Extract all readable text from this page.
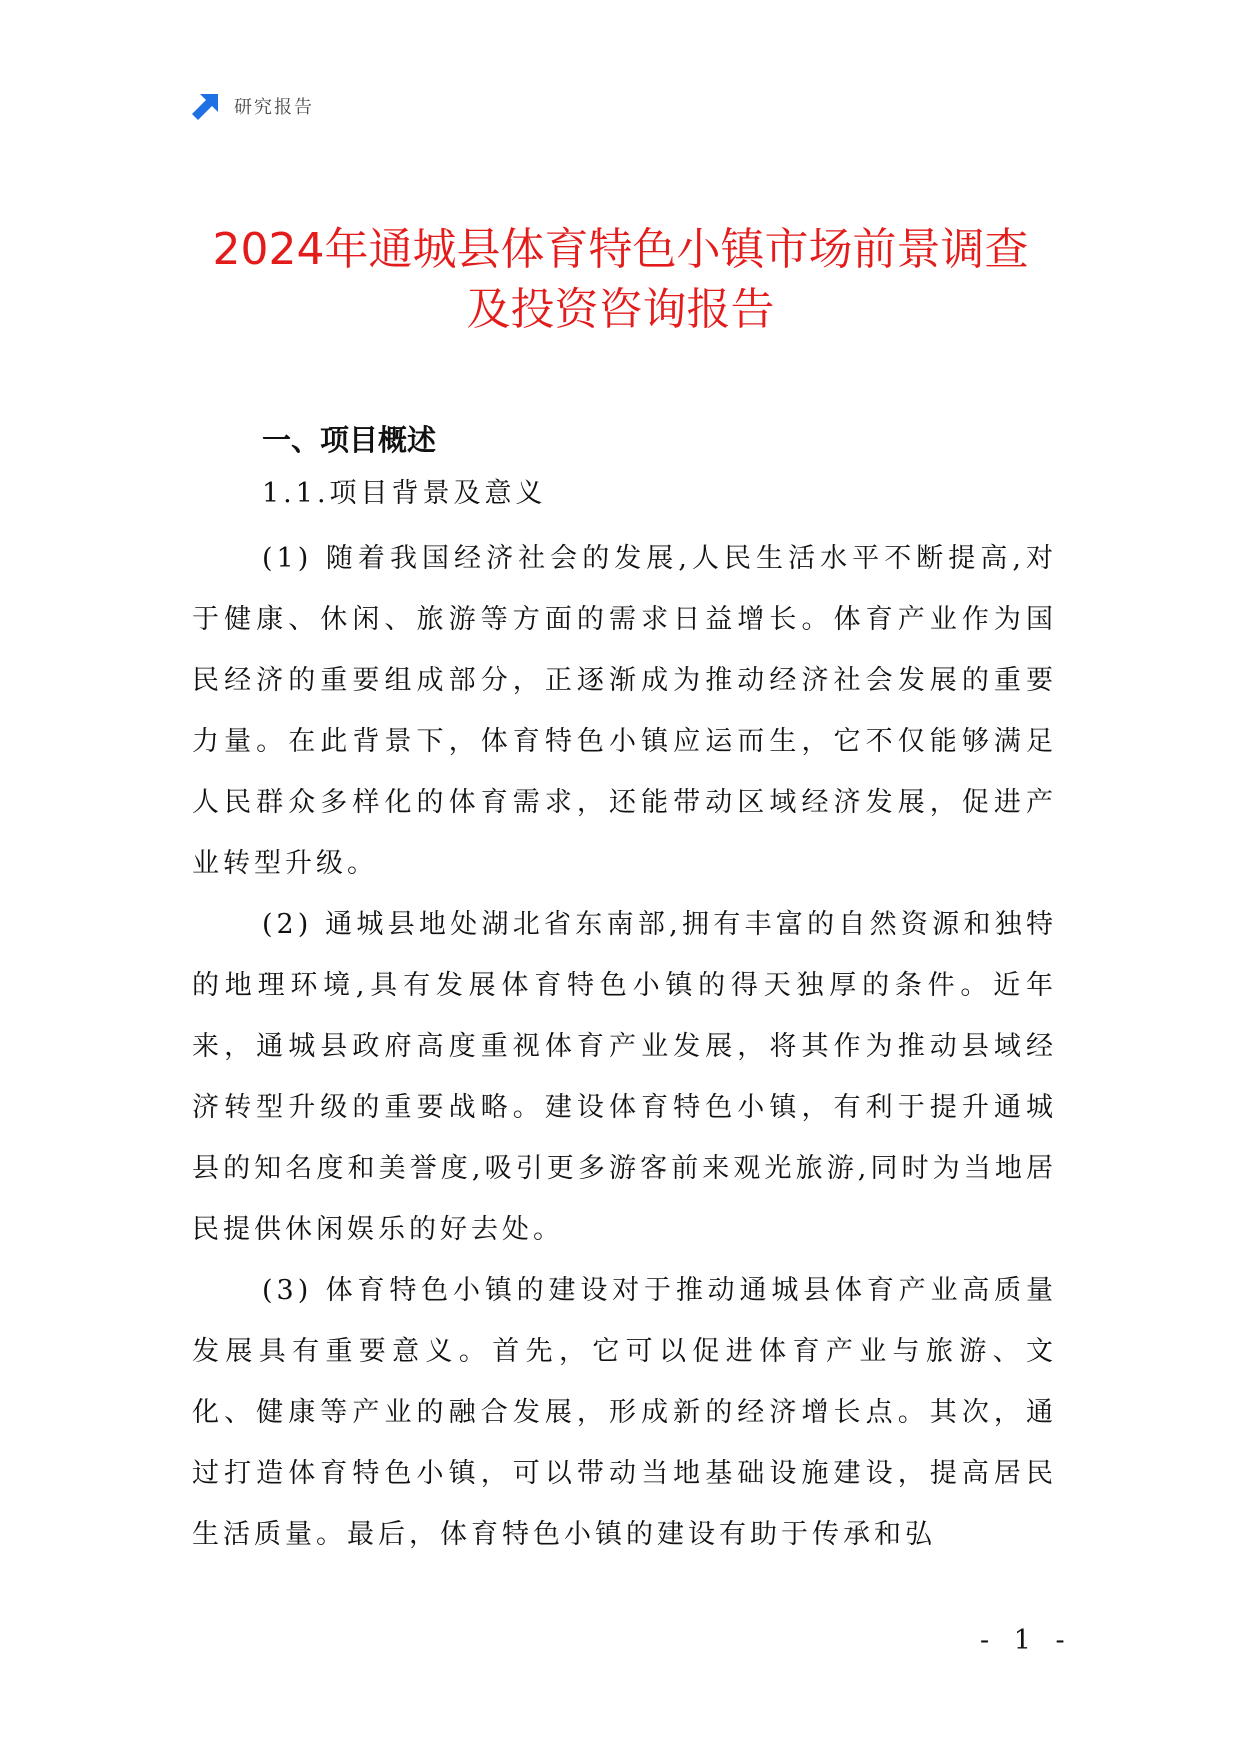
研究报告
2024年通城县体育特色小镇市场前景调查
及投资咨询报告
一、项目概述
1.1.项目背景及意义

(1) 随着我国经济社会的发展,人民生活水平不断提高,对于健康、休闲、旅游等方面的需求日益增长。体育产业作为国民经济的重要组成部分，正逐渐成为推动经济社会发展的重要力量。在此背景下，体育特色小镇应运而生，它不仅能够满足人民群众多样化的体育需求，还能带动区域经济发展，促进产业转型升级。

(2) 通城县地处湖北省东南部,拥有丰富的自然资源和独特的地理环境,具有发展体育特色小镇的得天独厚的条件。近年来，通城县政府高度重视体育产业发展，将其作为推动县域经济转型升级的重要战略。建设体育特色小镇，有利于提升通城县的知名度和美誉度,吸引更多游客前来观光旅游,同时为当地居民提供休闲娱乐的好去处。

(3) 体育特色小镇的建设对于推动通城县体育产业高质量发展具有重要意义。首先，它可以促进体育产业与旅游、文化、健康等产业的融合发展，形成新的经济增长点。其次，通过打造体育特色小镇，可以带动当地基础设施建设，提高居民生活质量。最后，体育特色小镇的建设有助于传承和弘

- 1 -
